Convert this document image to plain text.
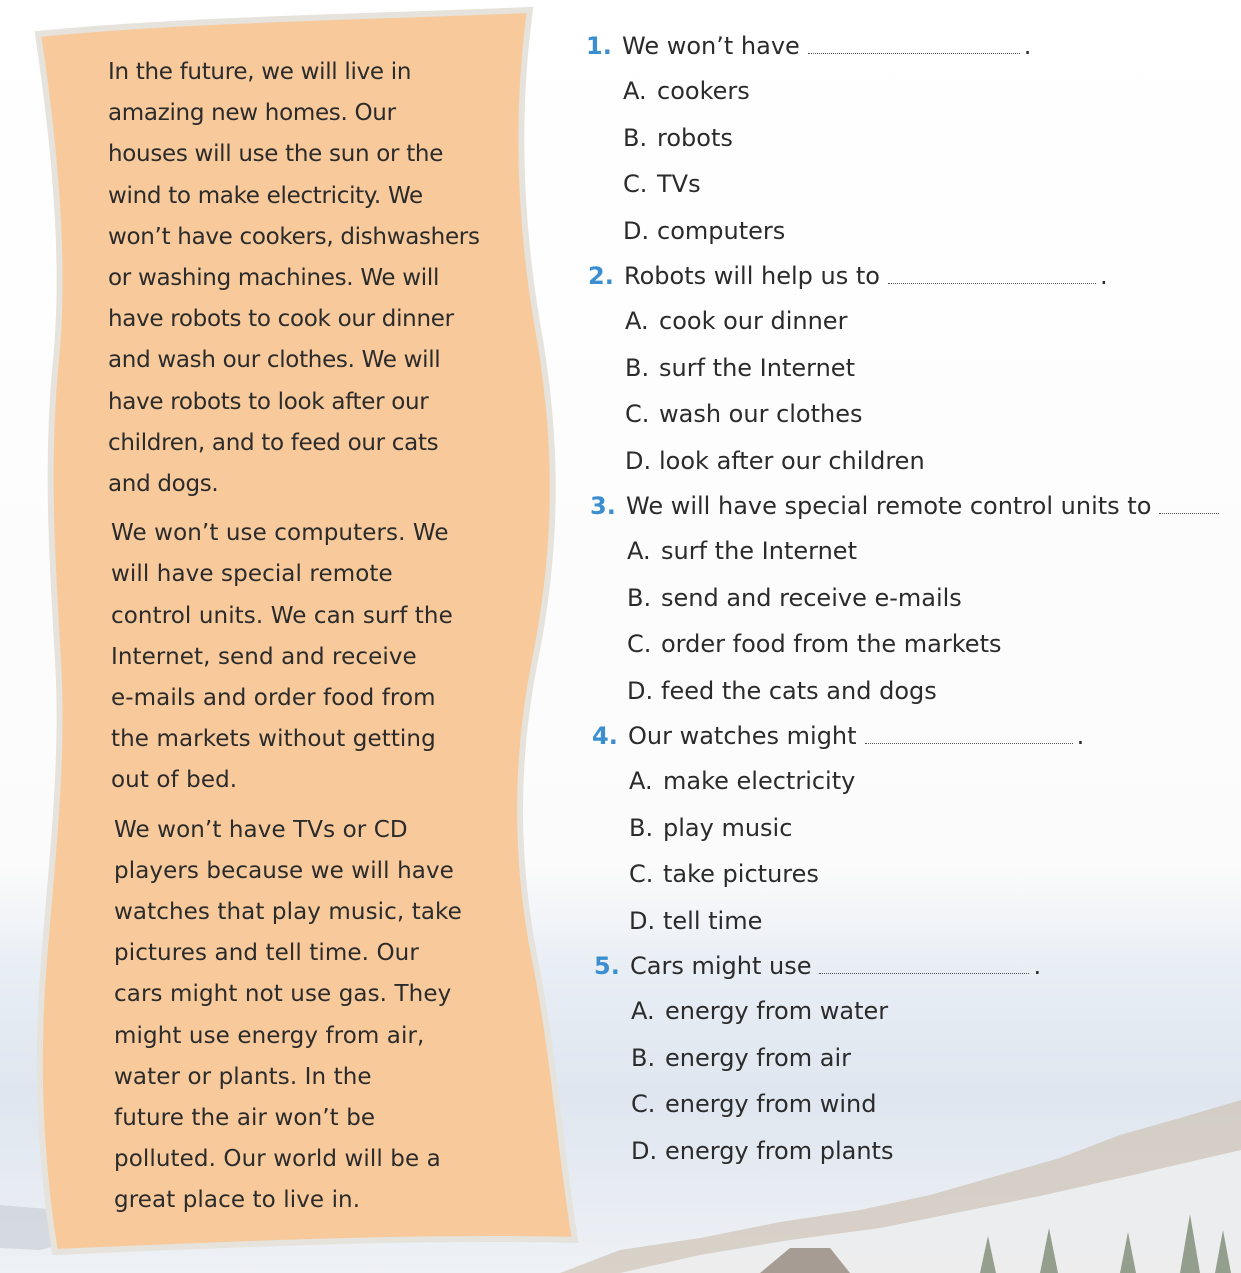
In the future, we will live in
amazing new homes. Our
houses will use the sun or the
wind to make electricity. We
won’t have cookers, dishwashers
or washing machines. We will
have robots to cook our dinner
and wash our clothes. We will
have robots to look after our
children, and to feed our cats
and dogs.
We won’t use computers. We
will have special remote
control units. We can surf the
Internet, send and receive
e-mails and order food from
the markets without getting
out of bed.
We won’t have TVs or CD
players because we will have
watches that play music, take
pictures and tell time. Our
cars might not use gas. They
might use energy from air,
water or plants. In the
future the air won’t be
polluted. Our world will be a
great place to live in.
1. We won’t have	.
A. cookers
B. robots
C. TVs
D. computers
2. Robots will help us to	.
A. cook our dinner
B. surf the Internet
C. wash our clothes
D. look after our children
3. We will have special remote control units to
A. surf the Internet
B. send and receive e-mails
C. order food from the markets
D. feed the cats and dogs
4. Our watches might	.
A. make electricity
B. play music
C. take pictures
D. tell time
5. Cars might use	.
A. energy from water
B. energy from air
C. energy from wind
D. energy from plants
